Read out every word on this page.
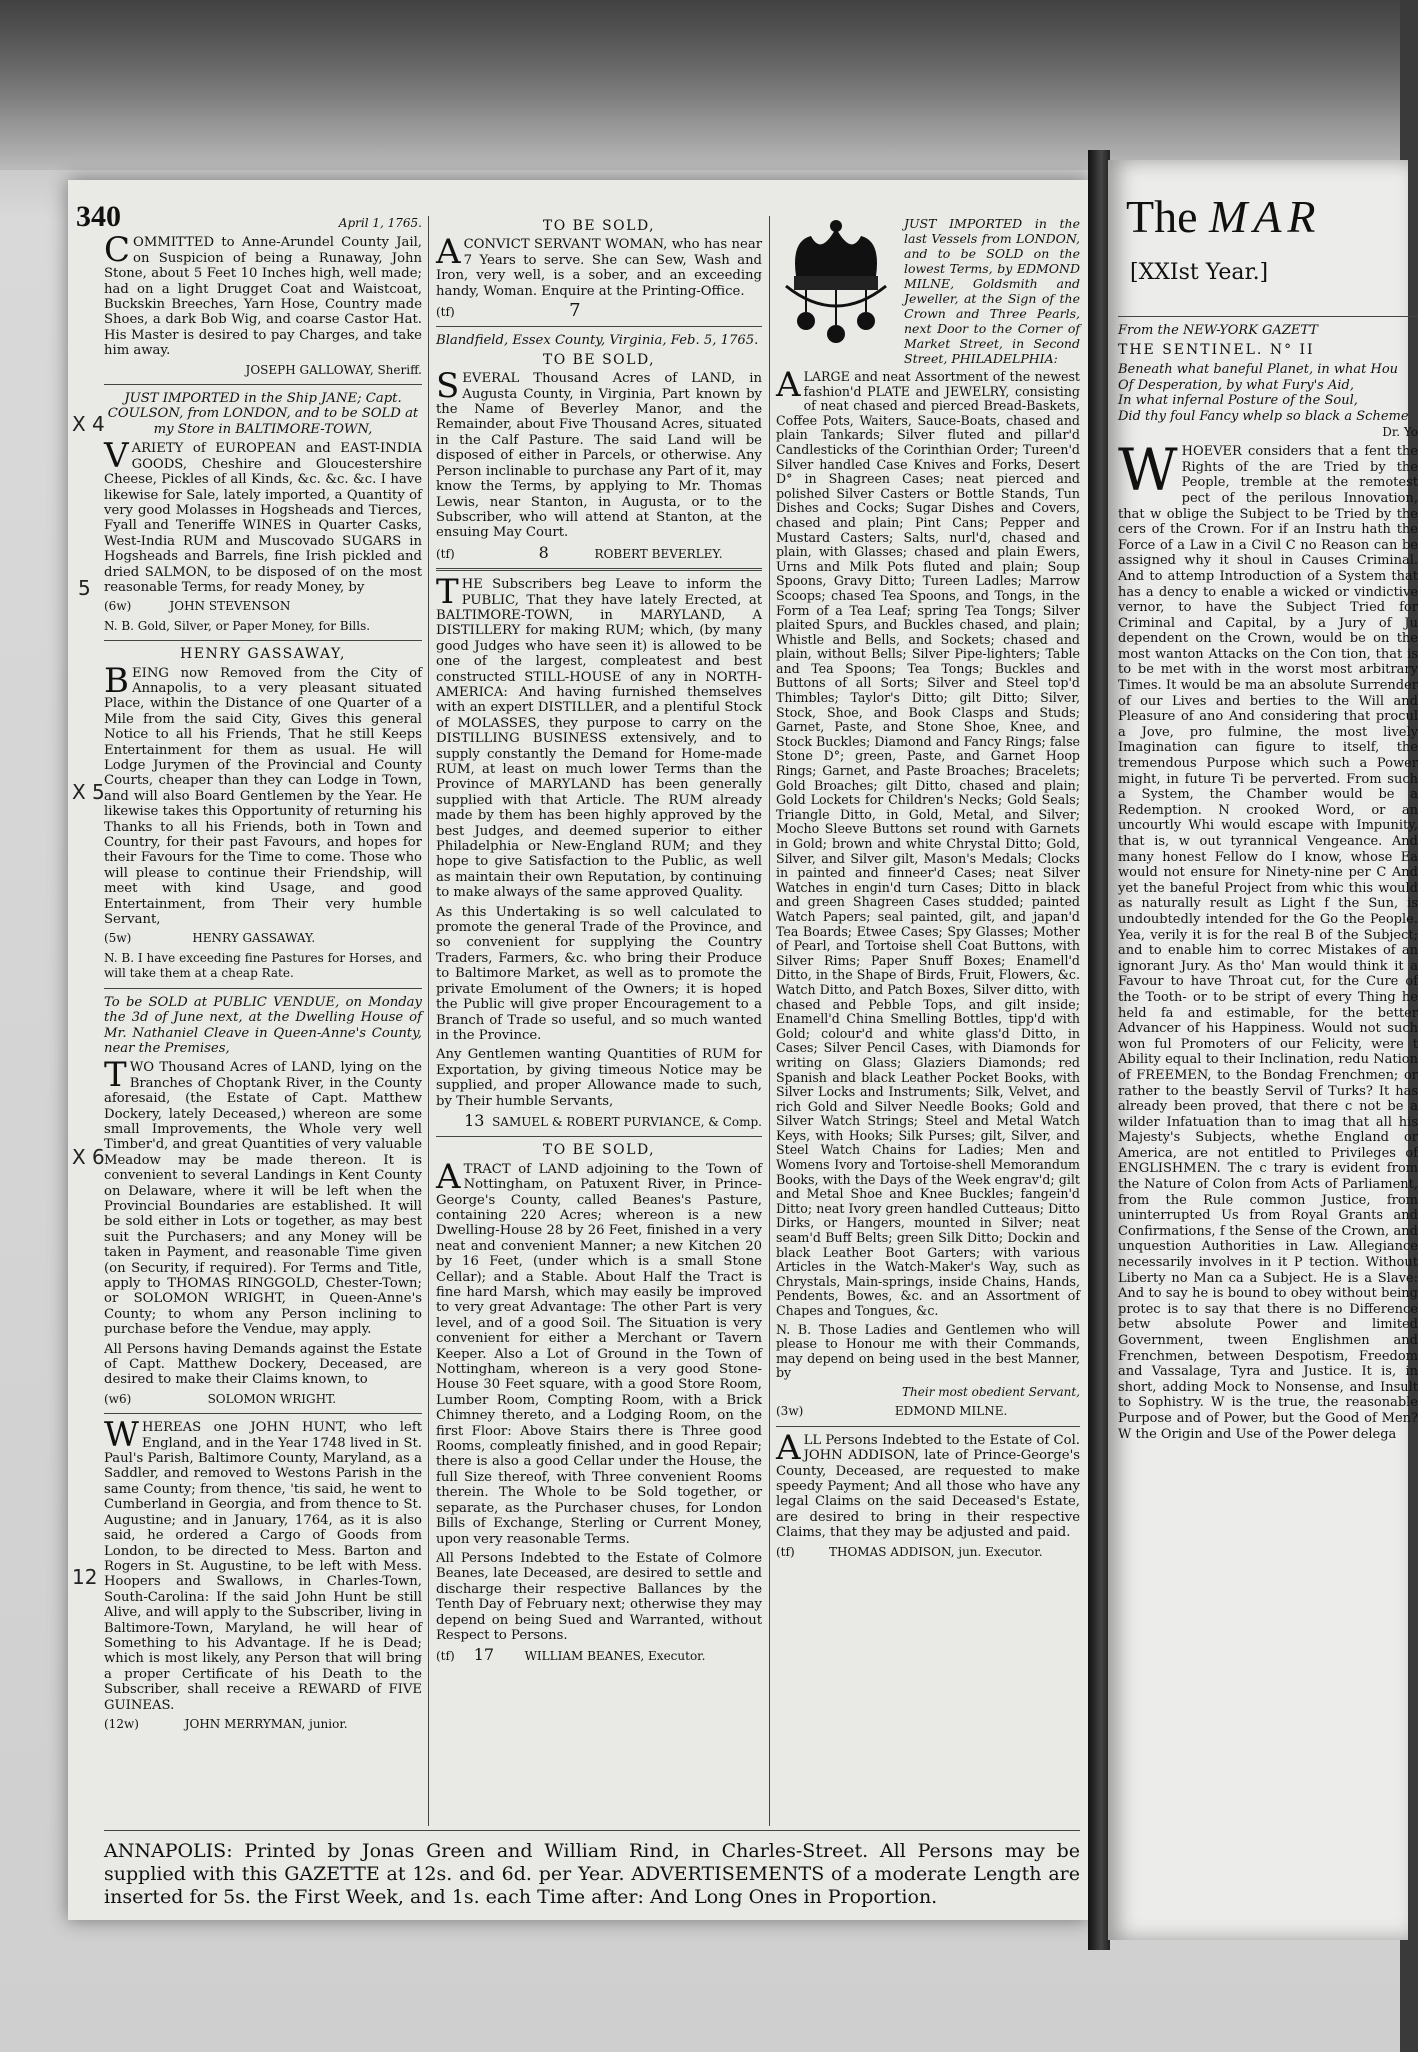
340	April 1, 1765.

COMMITTED to Anne-Arundel County Jail, on Suspicion of being a Runaway, John Stone, about 5 Feet 10 Inches high, well made; had on a light Drugget Coat and Waistcoat, Buckskin Breeches, Yarn Hose, Country made Shoes, a dark Bob Wig, and coarse Castor Hat. His Master is desired to pay Charges, and take him away.

JOSEPH GALLOWAY, Sheriff.

JUST IMPORTED in the Ship JANE; Capt. COULSON, from LONDON, and to be SOLD at my Store in BALTIMORE-TOWN,

VARIETY of EUROPEAN and EAST-INDIA GOODS, Cheshire and Gloucestershire Cheese, Pickles of all Kinds, &c. &c. &c. I have likewise for Sale, lately imported, a Quantity of very good Molasses in Hogsheads and Tierces, Fyall and Teneriffe WINES in Quarter Casks, West-India RUM and Muscovado SUGARS in Hogsheads and Barrels, fine Irish pickled and dried SALMON, to be disposed of on the most reasonable Terms, for ready Money, by

(6w)	JOHN STEVENSON

N. B. Gold, Silver, or Paper Money, for Bills.

HENRY GASSAWAY,

BEING now Removed from the City of Annapolis, to a very pleasant situated Place, within the Distance of one Quarter of a Mile from the said City, Gives this general Notice to all his Friends, That he still Keeps Entertainment for them as usual. He will Lodge Jurymen of the Provincial and County Courts, cheaper than they can Lodge in Town, and will also Board Gentlemen by the Year. He likewise takes this Opportunity of returning his Thanks to all his Friends, both in Town and Country, for their past Favours, and hopes for their Favours for the Time to come. Those who will please to continue their Friendship, will meet with kind Usage, and good Entertainment, from Their very humble Servant,

(5w)	HENRY GASSAWAY.

N. B. I have exceeding fine Pastures for Horses, and will take them at a cheap Rate.

To be SOLD at PUBLIC VENDUE, on Monday the 3d of June next, at the Dwelling House of Mr. Nathaniel Cleave in Queen-Anne's County, near the Premises,

TWO Thousand Acres of LAND, lying on the Branches of Choptank River, in the County aforesaid, (the Estate of Capt. Matthew Dockery, lately Deceased,) whereon are some small Improvements, the Whole very well Timber'd, and great Quantities of very valuable Meadow may be made thereon. It is convenient to several Landings in Kent County on Delaware, where it will be left when the Provincial Boundaries are established. It will be sold either in Lots or together, as may best suit the Purchasers; and any Money will be taken in Payment, and reasonable Time given (on Security, if required). For Terms and Title, apply to THOMAS RINGGOLD, Chester-Town; or SOLOMON WRIGHT, in Queen-Anne's County; to whom any Person inclining to purchase before the Vendue, may apply.

All Persons having Demands against the Estate of Capt. Matthew Dockery, Deceased, are desired to make their Claims known, to

(w6)	SOLOMON WRIGHT.

WHEREAS one JOHN HUNT, who left England, and in the Year 1748 lived in St. Paul's Parish, Baltimore County, Maryland, as a Saddler, and removed to Westons Parish in the same County; from thence, 'tis said, he went to Cumberland in Georgia, and from thence to St. Augustine; and in January, 1764, as it is also said, he ordered a Cargo of Goods from London, to be directed to Mess. Barton and Rogers in St. Augustine, to be left with Mess. Hoopers and Swallows, in Charles-Town, South-Carolina: If the said John Hunt be still Alive, and will apply to the Subscriber, living in Baltimore-Town, Maryland, he will hear of Something to his Advantage. If he is Dead; which is most likely, any Person that will bring a proper Certificate of his Death to the Subscriber, shall receive a REWARD of FIVE GUINEAS.

(12w)	JOHN MERRYMAN, junior.

TO BE SOLD,

ACONVICT SERVANT WOMAN, who has near 7 Years to serve. She can Sew, Wash and Iron, very well, is a sober, and an exceeding handy, Woman. Enquire at the Printing-Office.

(tf)	7

Blandfield, Essex County, Virginia, Feb. 5, 1765.

TO BE SOLD,

SEVERAL Thousand Acres of LAND, in Augusta County, in Virginia, Part known by the Name of Beverley Manor, and the Remainder, about Five Thousand Acres, situated in the Calf Pasture. The said Land will be disposed of either in Parcels, or otherwise. Any Person inclinable to purchase any Part of it, may know the Terms, by applying to Mr. Thomas Lewis, near Stanton, in Augusta, or to the Subscriber, who will attend at Stanton, at the ensuing May Court.

(tf)	8	ROBERT BEVERLEY.

THE Subscribers beg Leave to inform the PUBLIC, That they have lately Erected, at BALTIMORE-TOWN, in MARYLAND, A DISTILLERY for making RUM; which, (by many good Judges who have seen it) is allowed to be one of the largest, compleatest and best constructed STILL-HOUSE of any in NORTH-AMERICA: And having furnished themselves with an expert DISTILLER, and a plentiful Stock of MOLASSES, they purpose to carry on the DISTILLING BUSINESS extensively, and to supply constantly the Demand for Home-made RUM, at least on much lower Terms than the Province of MARYLAND has been generally supplied with that Article. The RUM already made by them has been highly approved by the best Judges, and deemed superior to either Philadelphia or New-England RUM; and they hope to give Satisfaction to the Public, as well as maintain their own Reputation, by continuing to make always of the same approved Quality.

As this Undertaking is so well calculated to promote the general Trade of the Province, and so convenient for supplying the Country Traders, Farmers, &c. who bring their Produce to Baltimore Market, as well as to promote the private Emolument of the Owners; it is hoped the Public will give proper Encouragement to a Branch of Trade so useful, and so much wanted in the Province.

Any Gentlemen wanting Quantities of RUM for Exportation, by giving timeous Notice may be supplied, and proper Allowance made to such, by Their humble Servants,

13 SAMUEL & ROBERT PURVIANCE, & Comp.

TO BE SOLD,

ATRACT of LAND adjoining to the Town of Nottingham, on Patuxent River, in Prince-George's County, called Beanes's Pasture, containing 220 Acres; whereon is a new Dwelling-House 28 by 26 Feet, finished in a very neat and convenient Manner; a new Kitchen 20 by 16 Feet, (under which is a small Stone Cellar); and a Stable. About Half the Tract is fine hard Marsh, which may easily be improved to very great Advantage: The other Part is very level, and of a good Soil. The Situation is very convenient for either a Merchant or Tavern Keeper. Also a Lot of Ground in the Town of Nottingham, whereon is a very good Stone-House 30 Feet square, with a good Store Room, Lumber Room, Compting Room, with a Brick Chimney thereto, and a Lodging Room, on the first Floor: Above Stairs there is Three good Rooms, compleatly finished, and in good Repair; there is also a good Cellar under the House, the full Size thereof, with Three convenient Rooms therein. The Whole to be Sold together, or separate, as the Purchaser chuses, for London Bills of Exchange, Sterling or Current Money, upon very reasonable Terms.

All Persons Indebted to the Estate of Colmore Beanes, late Deceased, are desired to settle and discharge their respective Ballances by the Tenth Day of February next; otherwise they may depend on being Sued and Warranted, without Respect to Persons.

(tf) 17	WILLIAM BEANES, Executor.

JUST IMPORTED in the last Vessels from LONDON, and to be SOLD on the lowest Terms, by EDMOND MILNE, Goldsmith and Jeweller, at the Sign of the Crown and Three Pearls, next Door to the Corner of Market Street, in Second Street, PHILADELPHIA:

ALARGE and neat Assortment of the newest fashion'd PLATE and JEWELRY, consisting of neat chased and pierced Bread-Baskets, Coffee Pots, Waiters, Sauce-Boats, chased and plain Tankards; Silver fluted and pillar'd Candlesticks of the Corinthian Order; Tureen'd Silver handled Case Knives and Forks, Desert D° in Shagreen Cases; neat pierced and polished Silver Casters or Bottle Stands, Tun Dishes and Cocks; Sugar Dishes and Covers, chased and plain; Pint Cans; Pepper and Mustard Casters; Salts, nurl'd, chased and plain, with Glasses; chased and plain Ewers, Urns and Milk Pots fluted and plain; Soup Spoons, Gravy Ditto; Tureen Ladles; Marrow Scoops; chased Tea Spoons, and Tongs, in the Form of a Tea Leaf; spring Tea Tongs; Silver plaited Spurs, and Buckles chased, and plain; Whistle and Bells, and Sockets; chased and plain, without Bells; Silver Pipe-lighters; Table and Tea Spoons; Tea Tongs; Buckles and Buttons of all Sorts; Silver and Steel top'd Thimbles; Taylor's Ditto; gilt Ditto; Silver, Stock, Shoe, and Book Clasps and Studs; Garnet, Paste, and Stone Shoe, Knee, and Stock Buckles; Diamond and Fancy Rings; false Stone D°; green, Paste, and Garnet Hoop Rings; Garnet, and Paste Broaches; Bracelets; Gold Broaches; gilt Ditto, chased and plain; Gold Lockets for Children's Necks; Gold Seals; Triangle Ditto, in Gold, Metal, and Silver; Mocho Sleeve Buttons set round with Garnets in Gold; brown and white Chrystal Ditto; Gold, Silver, and Silver gilt, Mason's Medals; Clocks in painted and finneer'd Cases; neat Silver Watches in engin'd turn Cases; Ditto in black and green Shagreen Cases studded; painted Watch Papers; seal painted, gilt, and japan'd Tea Boards; Etwee Cases; Spy Glasses; Mother of Pearl, and Tortoise shell Coat Buttons, with Silver Rims; Paper Snuff Boxes; Enamell'd Ditto, in the Shape of Birds, Fruit, Flowers, &c. Watch Ditto, and Patch Boxes, Silver ditto, with chased and Pebble Tops, and gilt inside; Enamell'd China Smelling Bottles, tipp'd with Gold; colour'd and white glass'd Ditto, in Cases; Silver Pencil Cases, with Diamonds for writing on Glass; Glaziers Diamonds; red Spanish and black Leather Pocket Books, with Silver Locks and Instruments; Silk, Velvet, and rich Gold and Silver Needle Books; Gold and Silver Watch Strings; Steel and Metal Watch Keys, with Hooks; Silk Purses; gilt, Silver, and Steel Watch Chains for Ladies; Men and Womens Ivory and Tortoise-shell Memorandum Books, with the Days of the Week engrav'd; gilt and Metal Shoe and Knee Buckles; fangein'd Ditto; neat Ivory green handled Cutteaus; Ditto Dirks, or Hangers, mounted in Silver; neat seam'd Buff Belts; green Silk Ditto; Dockin and black Leather Boot Garters; with various Articles in the Watch-Maker's Way, such as Chrystals, Main-springs, inside Chains, Hands, Pendents, Bowes, &c. and an Assortment of Chapes and Tongues, &c.

N. B. Those Ladies and Gentlemen who will please to Honour me with their Commands, may depend on being used in the best Manner, by

Their most obedient Servant,

(3w)	EDMOND MILNE.

ALL Persons Indebted to the Estate of Col. JOHN ADDISON, late of Prince-George's County, Deceased, are requested to make speedy Payment; And all those who have any legal Claims on the said Deceased's Estate, are desired to bring in their respective Claims, that they may be adjusted and paid.

(tf)	THOMAS ADDISON, jun. Executor.

ANNAPOLIS: Printed by Jonas Green and William Rind, in Charles-Street. All Persons may be supplied with this GAZETTE at 12s. and 6d. per Year. ADVERTISEMENTS of a moderate Length are inserted for 5s. the First Week, and 1s. each Time after: And Long Ones in Proportion.
X 4
5
X 5
X 6
12
The MAR
[XXIst Year.]

From the NEW-YORK GAZETT

THE SENTINEL. N° II

Beneath what baneful Planet, in what Hou

Of Desperation, by what Fury's Aid,

In what infernal Posture of the Soul,

Did thy foul Fancy whelp so black a Scheme

Dr. Yo

WHOEVER considers that a fent the Rights of the are Tried by the People, tremble at the remotest pect of the perilous Innovation, that w oblige the Subject to be Tried by the cers of the Crown. For if an Instru hath the Force of a Law in a Civil C no Reason can be assigned why it shoul in Causes Criminal. And to attemp Introduction of a System that has a dency to enable a wicked or vindictive vernor, to have the Subject Tried for Criminal and Capital, by a Jury of Ju dependent on the Crown, would be on the most wanton Attacks on the Con tion, that is to be met with in the worst most arbitrary Times. It would be ma an absolute Surrender of our Lives and berties to the Will and Pleasure of ano And considering that procul a Jove, pro fulmine, the most lively Imagination can figure to itself, the tremendous Purpose which such a Power might, in future Ti be perverted. From such a System, the Chamber would be a Redemption. N crooked Word, or an uncourtly Whi would escape with Impunity, that is, w out tyrannical Vengeance. And many honest Fellow do I know, whose Ea would not ensure for Ninety-nine per C And yet the baneful Project from whic this would as naturally result as Light f the Sun, is undoubtedly intended for the Go the People. Yea, verily it is for the real B of the Subject; and to enable him to correc Mistakes of an ignorant Jury. As tho' Man would think it a Favour to have Throat cut, for the Cure of the Tooth- or to be stript of every Thing he held fa and estimable, for the better Advancer of his Happiness. Would not such won ful Promoters of our Felicity, were t Ability equal to their Inclination, redu Nation of FREEMEN, to the Bondag Frenchmen; or rather to the beastly Servil of Turks? It has already been proved, that there c not be a wilder Infatuation than to imag that all his Majesty's Subjects, whethe England or America, are not entitled to Privileges of ENGLISHMEN. The c trary is evident from the Nature of Colon from Acts of Parliament, from the Rule common Justice, from uninterrupted Us from Royal Grants and Confirmations, f the Sense of the Crown, and unquestion Authorities in Law. Allegiance necessarily involves in it P tection. Without Liberty no Man ca a Subject. He is a Slave: And to say he is bound to obey without being protec is to say that there is no Difference betw absolute Power and limited Government, tween Englishmen and Frenchmen, between Despotism, Freedom and Vassalage, Tyra and Justice. It is, in short, adding Mock to Nonsense, and Insult to Sophistry. W is the true, the reasonable Purpose and of Power, but the Good of Men? W the Origin and Use of the Power delega
